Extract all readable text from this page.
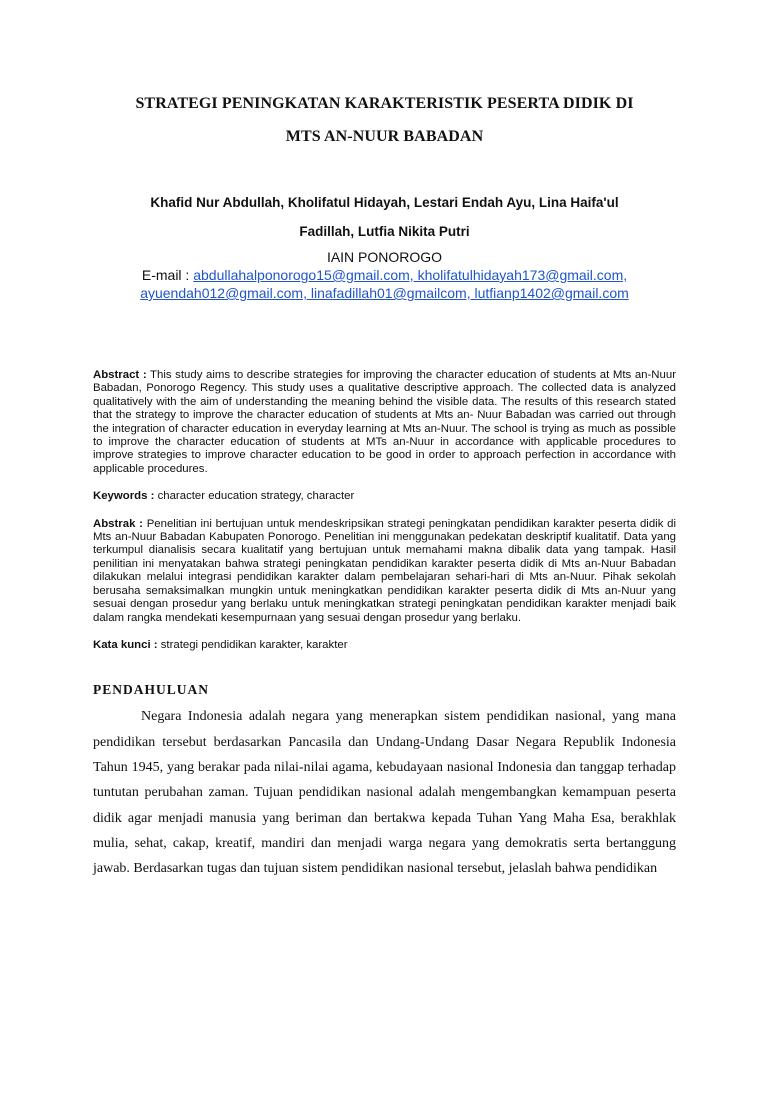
STRATEGI PENINGKATAN KARAKTERISTIK PESERTA DIDIK DI
MTS AN-NUUR BABADAN
Khafid Nur Abdullah, Kholifatul Hidayah, Lestari Endah Ayu, Lina Haifa'ul
Fadillah, Lutfia Nikita Putri
IAIN PONOROGO
E-mail : abdullahalponorogo15@gmail.com, kholifatulhidayah173@gmail.com,
ayuendah012@gmail.com, linafadillah01@gmailcom, lutfianp1402@gmail.com

Abstract : This study aims to describe strategies for improving the character education of students at Mts an-Nuur Babadan, Ponorogo Regency. This study uses a qualitative descriptive approach. The collected data is analyzed qualitatively with the aim of understanding the meaning behind the visible data. The results of this research stated that the strategy to improve the character education of students at Mts an- Nuur Babadan was carried out through the integration of character education in everyday learning at Mts an-Nuur. The school is trying as much as possible to improve the character education of students at MTs an-Nuur in accordance with applicable procedures to improve strategies to improve character education to be good in order to approach perfection in accordance with applicable procedures.

Keywords : character education strategy, character

Abstrak : Penelitian ini bertujuan untuk mendeskripsikan strategi peningkatan pendidikan karakter peserta didik di Mts an-Nuur Babadan Kabupaten Ponorogo. Penelitian ini menggunakan pedekatan deskriptif kualitatif. Data yang terkumpul dianalisis secara kualitatif yang bertujuan untuk memahami makna dibalik data yang tampak. Hasil penilitian ini menyatakan bahwa strategi peningkatan pendidikan karakter peserta didik di Mts an-Nuur Babadan dilakukan melalui integrasi pendidikan karakter dalam pembelajaran sehari-hari di Mts an-Nuur. Pihak sekolah berusaha semaksimalkan mungkin untuk meningkatkan pendidikan karakter peserta didik di Mts an-Nuur yang sesuai dengan prosedur yang berlaku untuk meningkatkan strategi peningkatan pendidikan karakter menjadi baik dalam rangka mendekati kesempurnaan yang sesuai dengan prosedur yang berlaku.

Kata kunci : strategi pendidikan karakter, karakter

PENDAHULUAN

Negara Indonesia adalah negara yang menerapkan sistem pendidikan nasional, yang mana pendidikan tersebut berdasarkan Pancasila dan Undang-Undang Dasar Negara Republik Indonesia Tahun 1945, yang berakar pada nilai-nilai agama, kebudayaan nasional Indonesia dan tanggap terhadap tuntutan perubahan zaman. Tujuan pendidikan nasional adalah mengembangkan kemampuan peserta didik agar menjadi manusia yang beriman dan bertakwa kepada Tuhan Yang Maha Esa, berakhlak mulia, sehat, cakap, kreatif, mandiri dan menjadi warga negara yang demokratis serta bertanggung jawab. Berdasarkan tugas dan tujuan sistem pendidikan nasional tersebut, jelaslah bahwa pendidikan
